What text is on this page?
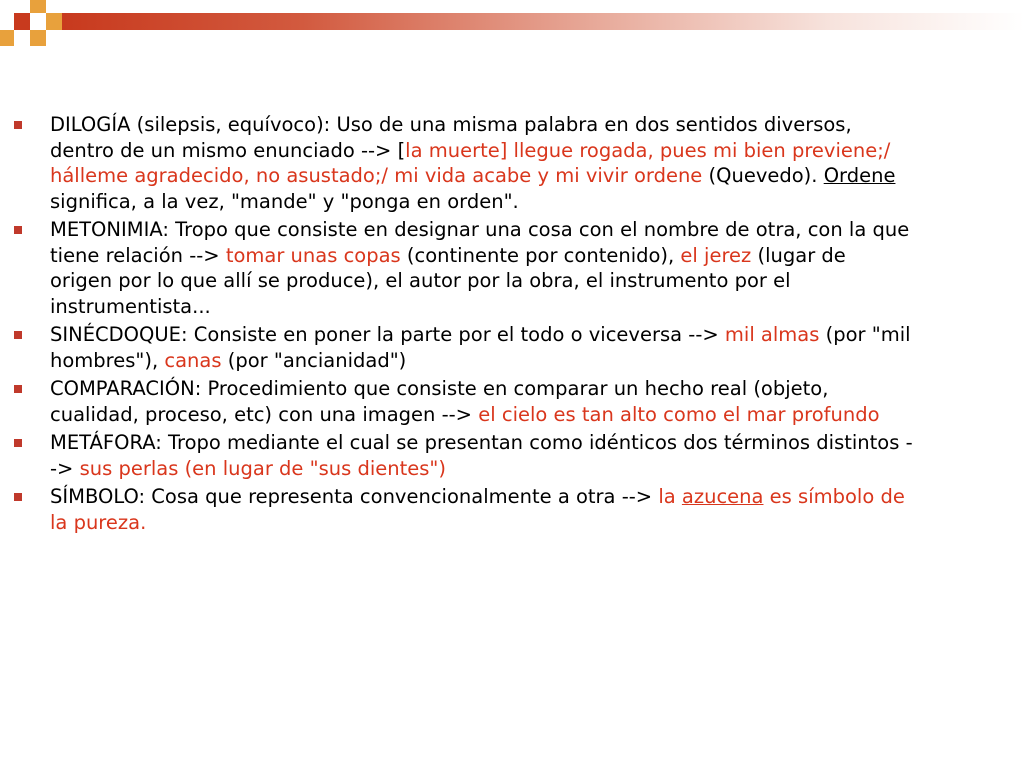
DILOGÍA (silepsis, equívoco): Uso de una misma palabra en dos sentidos diversos, dentro de un mismo enunciado --> [la muerte] llegue rogada, pues mi bien previene;/ hálleme agradecido, no asustado;/ mi vida acabe y mi vivir ordene (Quevedo). Ordene significa, a la vez, "mande" y "ponga en orden".
METONIMIA: Tropo que consiste en designar una cosa con el nombre de otra, con la que tiene relación --> tomar unas copas (continente por contenido), el jerez (lugar de origen por lo que allí se produce), el autor por la obra, el instrumento por el instrumentista...
SINÉCDOQUE: Consiste en poner la parte por el todo o viceversa --> mil almas (por "mil hombres"), canas (por "ancianidad")
COMPARACIÓN: Procedimiento que consiste en comparar un hecho real (objeto, cualidad, proceso, etc) con una imagen --> el cielo es tan alto como el mar profundo
METÁFORA: Tropo mediante el cual se presentan como idénticos dos términos distintos --> sus perlas (en lugar de "sus dientes")
SÍMBOLO: Cosa que representa convencionalmente a otra --> la azucena es símbolo de la pureza.
